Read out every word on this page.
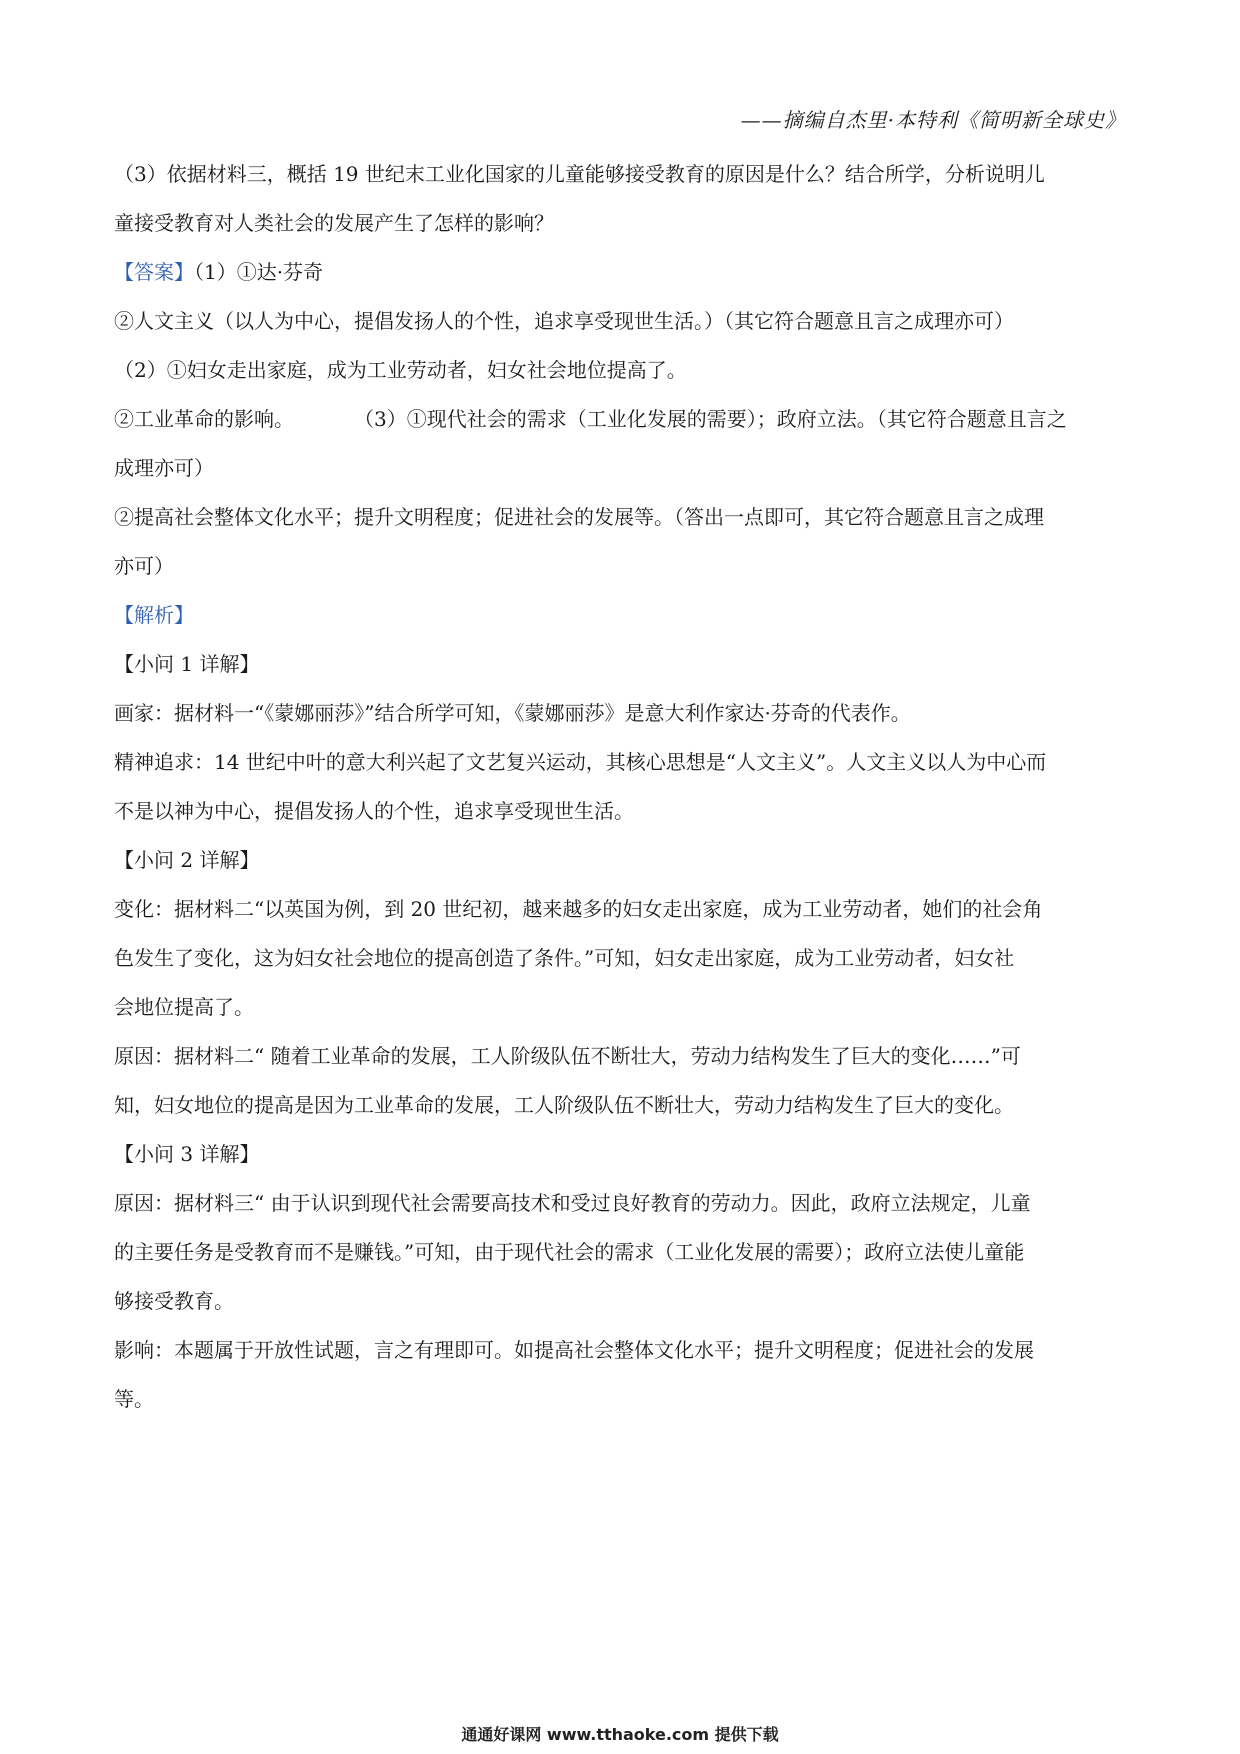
——摘编自杰里·本特利《简明新全球史》

（3）依据材料三，概括 19 世纪末工业化国家的儿童能够接受教育的原因是什么？结合所学，分析说明儿

童接受教育对人类社会的发展产生了怎样的影响？

【答案】（1）①达·芬奇

②人文主义（以人为中心，提倡发扬人的个性，追求享受现世生活。）（其它符合题意且言之成理亦可）

（2）①妇女走出家庭，成为工业劳动者，妇女社会地位提高了。

②工业革命的影响。	（3）①现代社会的需求（工业化发展的需要）；政府立法。（其它符合题意且言之

成理亦可）

②提高社会整体文化水平；提升文明程度；促进社会的发展等。（答出一点即可，其它符合题意且言之成理

亦可）

【解析】

【小问 1 详解】

画家：据材料一“《蒙娜丽莎》”结合所学可知，《蒙娜丽莎》是意大利作家达·芬奇的代表作。

精神追求：14 世纪中叶的意大利兴起了文艺复兴运动，其核心思想是“人文主义”。人文主义以人为中心而

不是以神为中心，提倡发扬人的个性，追求享受现世生活。

【小问 2 详解】

变化：据材料二“以英国为例，到 20 世纪初，越来越多的妇女走出家庭，成为工业劳动者，她们的社会角

色发生了变化，这为妇女社会地位的提高创造了条件。”可知，妇女走出家庭，成为工业劳动者，妇女社

会地位提高了。

原因：据材料二“ 随着工业革命的发展，工人阶级队伍不断壮大，劳动力结构发生了巨大的变化……”可

知，妇女地位的提高是因为工业革命的发展，工人阶级队伍不断壮大，劳动力结构发生了巨大的变化。

【小问 3 详解】

原因：据材料三“ 由于认识到现代社会需要高技术和受过良好教育的劳动力。因此，政府立法规定，儿童

的主要任务是受教育而不是赚钱。”可知，由于现代社会的需求（工业化发展的需要）；政府立法使儿童能

够接受教育。

影响：本题属于开放性试题，言之有理即可。如提高社会整体文化水平；提升文明程度；促进社会的发展

等。

通通好课网 www.tthaoke.com 提供下载
